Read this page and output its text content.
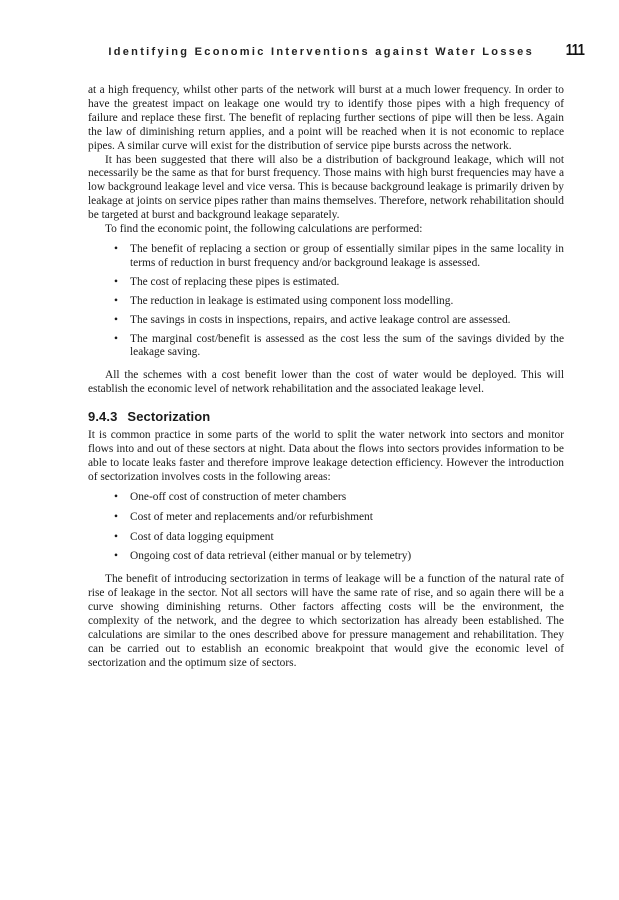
Identifying Economic Interventions against Water Losses 111

at a high frequency, whilst other parts of the network will burst at a much lower frequency. In order to have the greatest impact on leakage one would try to identify those pipes with a high frequency of failure and replace these first. The benefit of replacing further sections of pipe will then be less. Again the law of diminishing return applies, and a point will be reached when it is not economic to replace pipes. A similar curve will exist for the distribution of service pipe bursts across the network.

It has been suggested that there will also be a distribution of background leakage, which will not necessarily be the same as that for burst frequency. Those mains with high burst frequencies may have a low background leakage level and vice versa. This is because background leakage is primarily driven by leakage at joints on service pipes rather than mains themselves. Therefore, network rehabilitation should be targeted at burst and background leakage separately.

To find the economic point, the following calculations are performed:

• The benefit of replacing a section or group of essentially similar pipes in the same locality in terms of reduction in burst frequency and/or background leakage is assessed.
• The cost of replacing these pipes is estimated.
• The reduction in leakage is estimated using component loss modelling.
• The savings in costs in inspections, repairs, and active leakage control are assessed.
• The marginal cost/benefit is assessed as the cost less the sum of the savings divided by the leakage saving.

All the schemes with a cost benefit lower than the cost of water would be deployed. This will establish the economic level of network rehabilitation and the associated leakage level.

9.4.3 Sectorization

It is common practice in some parts of the world to split the water network into sectors and monitor flows into and out of these sectors at night. Data about the flows into sectors provides information to be able to locate leaks faster and therefore improve leakage detection efficiency. However the introduction of sectorization involves costs in the following areas:

• One-off cost of construction of meter chambers
• Cost of meter and replacements and/or refurbishment
• Cost of data logging equipment
• Ongoing cost of data retrieval (either manual or by telemetry)

The benefit of introducing sectorization in terms of leakage will be a function of the natural rate of rise of leakage in the sector. Not all sectors will have the same rate of rise, and so again there will be a curve showing diminishing returns. Other factors affecting costs will be the environment, the complexity of the network, and the degree to which sectorization has already been established. The calculations are similar to the ones described above for pressure management and rehabilitation. They can be carried out to establish an economic breakpoint that would give the economic level of sectorization and the optimum size of sectors.
